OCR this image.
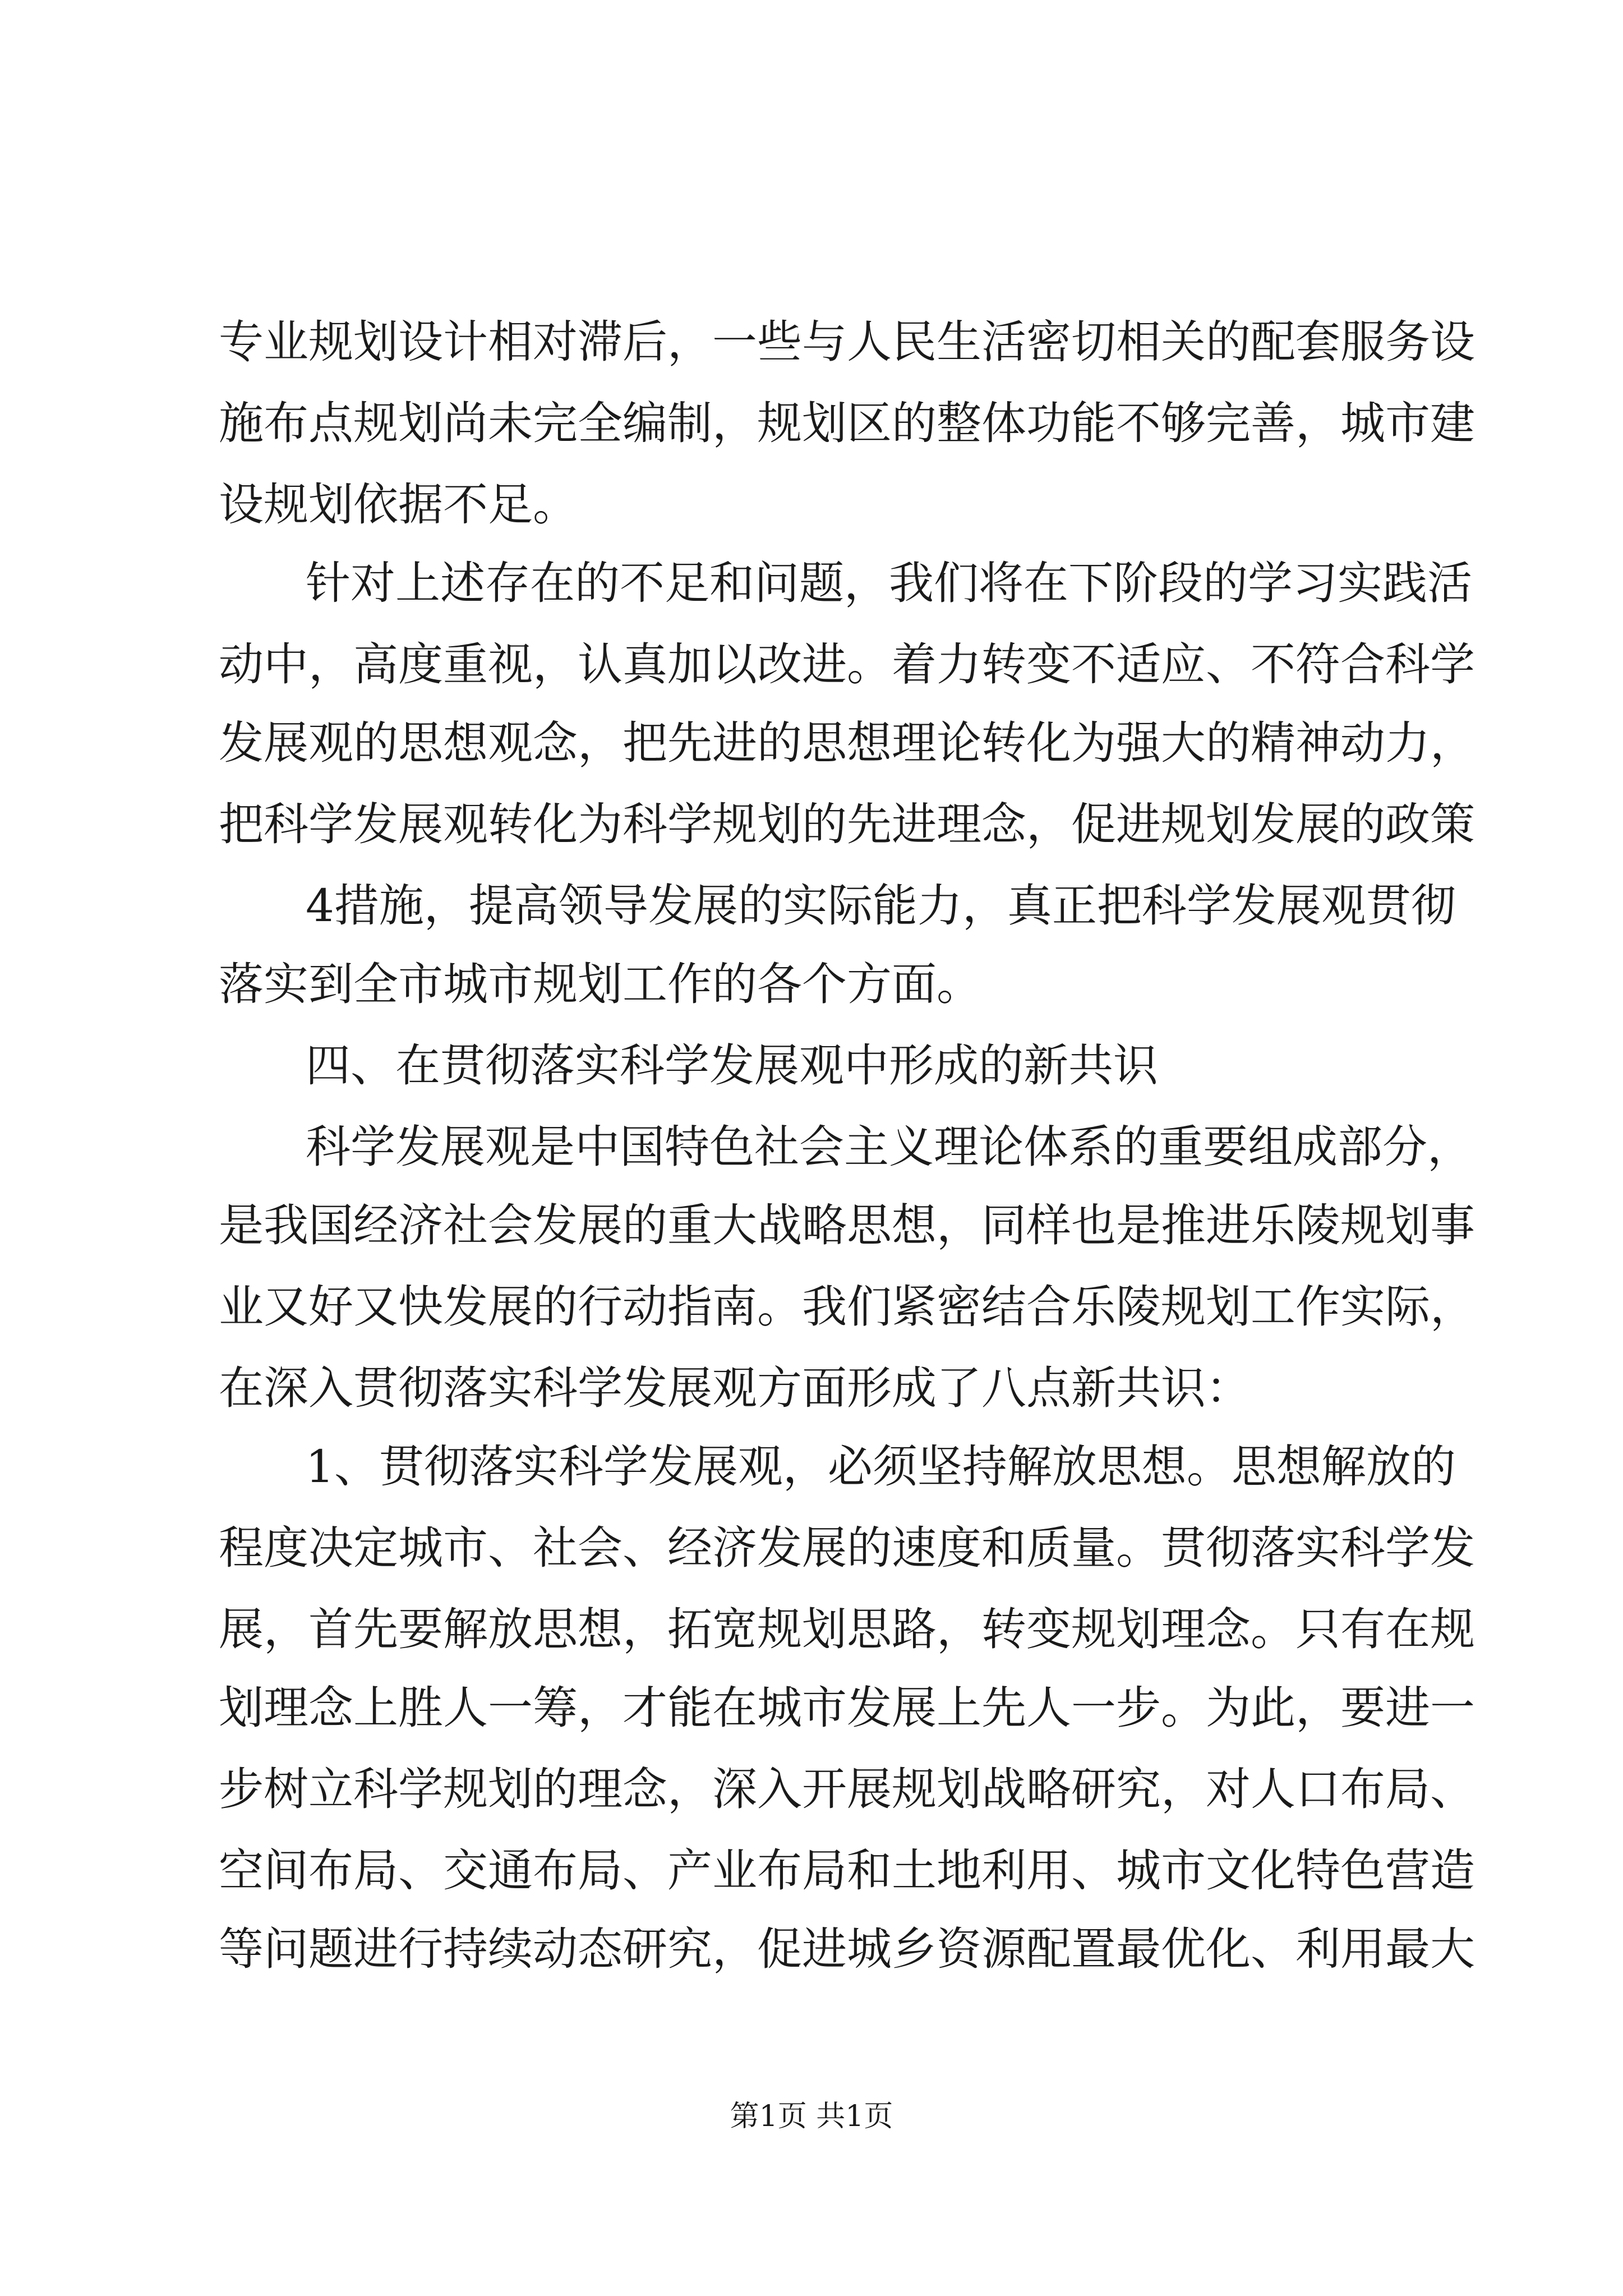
专业规划设计相对滞后，一些与人民生活密切相关的配套服务设
施布点规划尚未完全编制，规划区的整体功能不够完善，城市建
设规划依据不足。
针对上述存在的不足和问题，我们将在下阶段的学习实践活
动中，高度重视，认真加以改进。着力转变不适应、不符合科学
发展观的思想观念，把先进的思想理论转化为强大的精神动力，
把科学发展观转化为科学规划的先进理念，促进规划发展的政策
4措施，提高领导发展的实际能力，真正把科学发展观贯彻
落实到全市城市规划工作的各个方面。
四、在贯彻落实科学发展观中形成的新共识
科学发展观是中国特色社会主义理论体系的重要组成部分，
是我国经济社会发展的重大战略思想，同样也是推进乐陵规划事
业又好又快发展的行动指南。我们紧密结合乐陵规划工作实际，
在深入贯彻落实科学发展观方面形成了八点新共识：
1、贯彻落实科学发展观，必须坚持解放思想。思想解放的
程度决定城市、社会、经济发展的速度和质量。贯彻落实科学发
展，首先要解放思想，拓宽规划思路，转变规划理念。只有在规
划理念上胜人一筹，才能在城市发展上先人一步。为此，要进一
步树立科学规划的理念，深入开展规划战略研究，对人口布局、
空间布局、交通布局、产业布局和土地利用、城市文化特色营造
等问题进行持续动态研究，促进城乡资源配置最优化、利用最大
第1页 共1页
